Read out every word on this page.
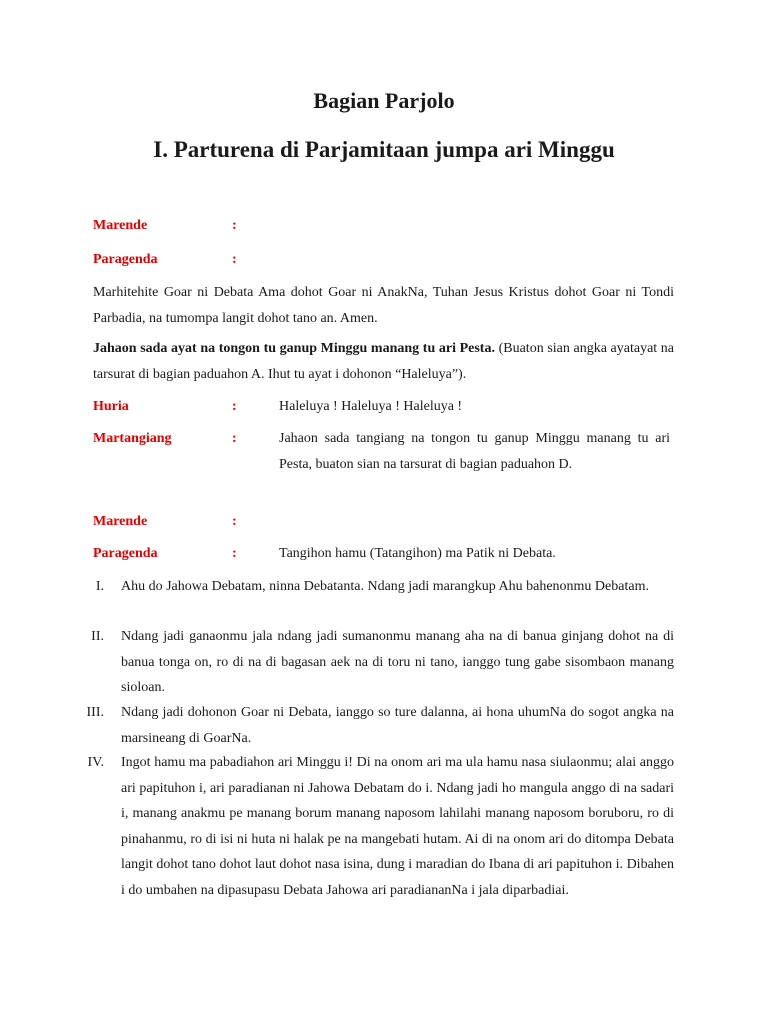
Bagian Parjolo
I. Parturena di Parjamitaan jumpa ari Minggu
Marende	:
Paragenda	:

Marhitehite Goar ni Debata Ama dohot Goar ni AnakNa, Tuhan Jesus Kristus dohot Goar ni Tondi Parbadia, na tumompa langit dohot tano an. Amen.

Jahaon sada ayat na tongon tu ganup Minggu manang tu ari Pesta. (Buaton sian angka ayatayat na tarsurat di bagian paduahon A. Ihut tu ayat i dohonon “Haleluya”).

Huria	:	Haleluya ! Haleluya ! Haleluya !
Martangiang	:	Jahaon sada tangiang na tongon tu ganup Minggu manang tu ari Pesta, buaton sian na tarsurat di bagian paduahon D.
Marende	:
Paragenda	:	Tangihon hamu (Tatangihon) ma Patik ni Debata.
I. Ahu do Jahowa Debatam, ninna Debatanta. Ndang jadi marangkup Ahu bahenonmu Debatam.
II. Ndang jadi ganaonmu jala ndang jadi sumanonmu manang aha na di banua ginjang dohot na di banua tonga on, ro di na di bagasan aek na di toru ni tano, ianggo tung gabe sisombaon manang sioloan.
III. Ndang jadi dohonon Goar ni Debata, ianggo so ture dalanna, ai hona uhumNa do sogot angka na marsineang di GoarNa.
IV. Ingot hamu ma pabadiahon ari Minggu i! Di na onom ari ma ula hamu nasa siulaonmu; alai anggo ari papituhon i, ari paradianan ni Jahowa Debatam do i. Ndang jadi ho mangula anggo di na sadari i, manang anakmu pe manang borum manang naposom lahilahi manang naposom boruboru, ro di pinahanmu, ro di isi ni huta ni halak pe na mangebati hutam. Ai di na onom ari do ditompa Debata langit dohot tano dohot laut dohot nasa isina, dung i maradian do Ibana di ari papituhon i. Dibahen i do umbahen na dipasupasu Debata Jahowa ari paradiananNa i jala diparbadiai.
